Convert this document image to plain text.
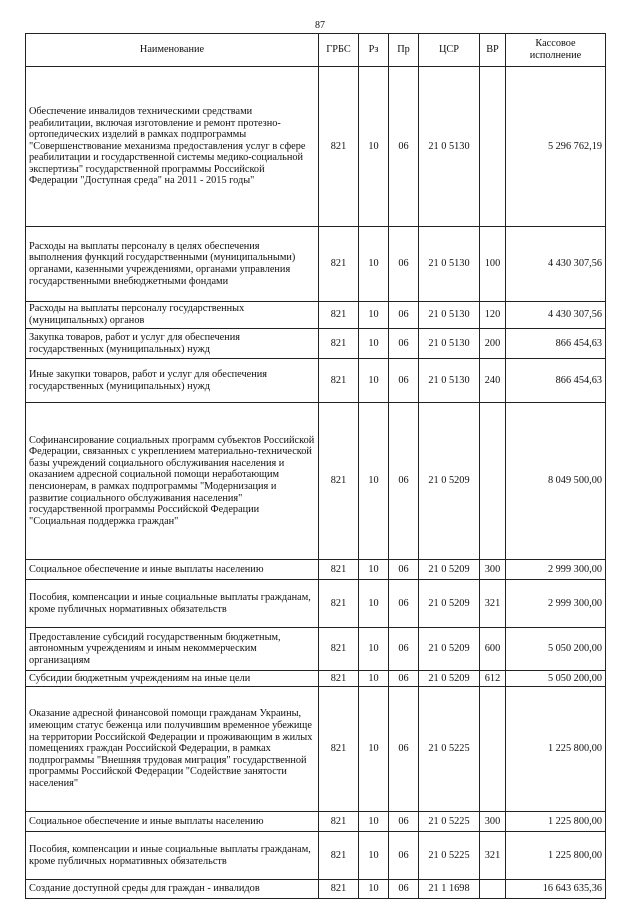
87
Наименование	ГРБС	Рз	Пр	ЦСР	ВР	Кассовое исполнение
Обеспечение инвалидов техническими средствами реабилитации, включая изготовление и ремонт протезно-ортопедических изделий в рамках подпрограммы "Совершенствование механизма предоставления услуг в сфере реабилитации и государственной системы медико-социальной экспертизы" государственной программы Российской Федерации "Доступная среда" на 2011 - 2015 годы"	821	10	06	21 0 5130		5 296 762,19
Расходы на выплаты персоналу в целях обеспечения выполнения функций государственными (муниципальными) органами, казенными учреждениями, органами управления государственными внебюджетными фондами	821	10	06	21 0 5130	100	4 430 307,56
Расходы на выплаты персоналу государственных (муниципальных) органов	821	10	06	21 0 5130	120	4 430 307,56
Закупка товаров, работ и услуг для обеспечения государственных (муниципальных) нужд	821	10	06	21 0 5130	200	866 454,63
Иные закупки товаров, работ и услуг для обеспечения государственных (муниципальных) нужд	821	10	06	21 0 5130	240	866 454,63
Софинансирование социальных программ субъектов Российской Федерации, связанных с укреплением материально-технической базы учреждений социального обслуживания населения и оказанием адресной социальной помощи неработающим пенсионерам, в рамках подпрограммы "Модернизация и развитие социального обслуживания населения" государственной программы Российской Федерации "Социальная поддержка граждан"	821	10	06	21 0 5209		8 049 500,00
Социальное обеспечение и иные выплаты населению	821	10	06	21 0 5209	300	2 999 300,00
Пособия, компенсации и иные социальные выплаты гражданам, кроме публичных нормативных обязательств	821	10	06	21 0 5209	321	2 999 300,00
Предоставление субсидий государственным бюджетным, автономным учреждениям и иным некоммерческим организациям	821	10	06	21 0 5209	600	5 050 200,00
Субсидии бюджетным учреждениям на иные цели	821	10	06	21 0 5209	612	5 050 200,00
Оказание адресной финансовой помощи гражданам Украины, имеющим статус беженца или получившим временное убежище на территории Российской Федерации и проживающим в жилых помещениях граждан Российской Федерации, в рамках подпрограммы "Внешняя трудовая миграция" государственной программы Российской Федерации "Содействие занятости населения"	821	10	06	21 0 5225		1 225 800,00
Социальное обеспечение и иные выплаты населению	821	10	06	21 0 5225	300	1 225 800,00
Пособия, компенсации и иные социальные выплаты гражданам, кроме публичных нормативных обязательств	821	10	06	21 0 5225	321	1 225 800,00
Создание доступной среды для граждан - инвалидов	821	10	06	21 1 1698		16 643 635,36
